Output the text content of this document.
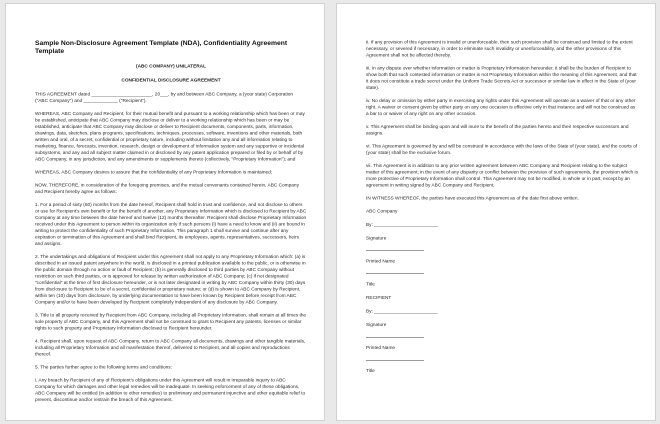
Sample Non-Disclosure Agreement Template (NDA), Confidentiality Agreement Template

(ABC COMPANY) UNILATERAL

CONFIDENTIAL DISCLOSURE AGREEMENT

THIS AGREEMENT dated _______________________, 20___, by and between ABC Company, a (your state) Corporation ("ABC Company") and _____________ ("Recipient").

WHEREAS, ABC Company and Recipient, for their mutual benefit and pursuant to a working relationship which has been or may be established, anticipate that ABC Company may disclose or deliver to a working relationship which has been or may be established, anticipate that ABC Company may disclose or deliver to Recipient documents, components, parts, information, drawings, data, sketches, plans programs, specifications, techniques, processes, software, inventions and other materials, both written and oral, of a secret, confidential or proprietary nature, including without limitation any and all information relating to marketing, finance, forecasts, invention, research, design or development of information system and any supportive or incidental subsystems, and any and all subject matter claimed in or disclosed by any patent application prepared or filed by or behalf of by ABC Company, in any jurisdiction, and any amendments or supplements thereto (collectively, "Proprietary Information"); and

WHEREAS, ABC Company desires to assure that the confidentiality of any Proprietary Information is maintained;

NOW, THEREFORE, in consideration of the foregoing premises, and the mutual convenants contained herein, ABC Company and Recipient hereby agree as follows:

1. For a period of sixty (60) months from the date hereof, Recipient shall hold in trust and confidence, and not disclose to others or use for Recipient's own benefit or for the benefit of another, any Proprietary Information which is disclosed to Recipient by ABC Company at any time between the date hereof and twelve (12) months thereafter. Recipient shall disclose Proprietary Information received under this Agreement to person within its organization only if such persons (i) have a need to know and (ii) are bound in writing to protect the confidentiality of such Proprietary Information. This paragraph 1 shall survive and continue after any expiration or termination of this Agreement and shall bind Recipient, its employees, agents, representatives, successors, heirs and assigns.

2. The undertakings and obligations of Recipient under this Agreement shall not apply to any Proprietary Information which: (a) is described in an issued patent anywhere in the world, is disclosed in a printed publication available to the public, or is otherwise in the public domain through no action or fault of Recipient; (b) is generally disclosed to third parties by ABC Company without restriction on such third parties, or is approved for release by written authorization of ABC Company; (c) if not designated "confidential" at the time of first disclosure hereunder, or is not later designated in writing by ABC Company within thirty (30) days from disclosure to Recipient to be of a secret, confidential or proprietary nature; or (d) is shown to ABC Company by Recipient, within ten (10) days from disclosure, by underlying documentation to have been known by Recipient before receipt from ABC Company and/or to have been developed by Recipient completely independent of any disclosure by ABC Company.

3. Title to all property received by Recipient from ABC Company, including all Proprietary Information, shall remain at all times the sole property of ABC Company, and this Agreement shall not be construed to grant to Recipient any patents, licenses or similar rights to such property and Proprietary Information disclosed to Recipient hereunder.

4. Recipient shall, upon request of ABC Company, return to ABC Company all documents, drawings and other tangible materials, including all Proprietary Information and all manifestation thereof, delivered to Recipient, and all copies and reproductions thereof.

5. The parties further agree to the following terms and conditions:

i. Any breach by Recipient of any of Recipient's obligations under this Agreement will result in irreparable inquiry to ABC Company for which damages and other legal remedies will be inadequate. In seeking enforcement of any of these obligations, ABC Company will be entitled (in addition to other remedies) to preliminary and permanent injunctive and other equitable relief to prevent, discontinue and/or restrain the breach of this Agreement.

ii. If any provision of this Agreement is invalid or unenforceable, then such provision shall be construed and limited to the extent necessary, or severed if necessary, in order to eliminate such invalidity or unenforceability, and the other provisions of this Agreement shall not be affected thereby.

iii. In any dispute over whether information or matter is Proprietary Information hereunder, it shall be the burden of Recipient to show both that such contested information or matter is not Proprietary Information within the meaning of this Agreement, and that it does not constitute a trade secret under the Uniform Trade Secrets Act or successor or similar law in effect in the State of (your state).

iv. No delay or omission by either party in exercising any rights under this Agreement will operate as a waiver of that or any other right. A waiver or consent given by either party on any one occasion is effective only in that instance and will not be construed as a bar to or waiver of any right on any other occasion.

v. This Agreement shall be binding upon and will inure to the benefit of the parties hereto and their respective successors and assigns.

vi. This Agreement is governed by and will be construed in accordance with the laws of the State of (your state), and the courts of (your state) shall be the exclusive forum.

vii. This Agreement is in addition to any prior written agreement between ABC Company and Recipient relating to the subject matter of this agreement; in the event of any disparity or conflict between the provision of such agreements, the provision which is more protective of Proprietary Information shall control. This Agreement may not be modified, in whole or in part, except by an agreement in writing signed by ABC Company and Recipient.

IN WITNESS WHEREOF, the parties have executed this Agreement as of the date first above written.

ABC Company

By: ________________________

Signature

Printed Name

Title

RECIPIENT

By: ________________________

Signature

Printed Name

Title
